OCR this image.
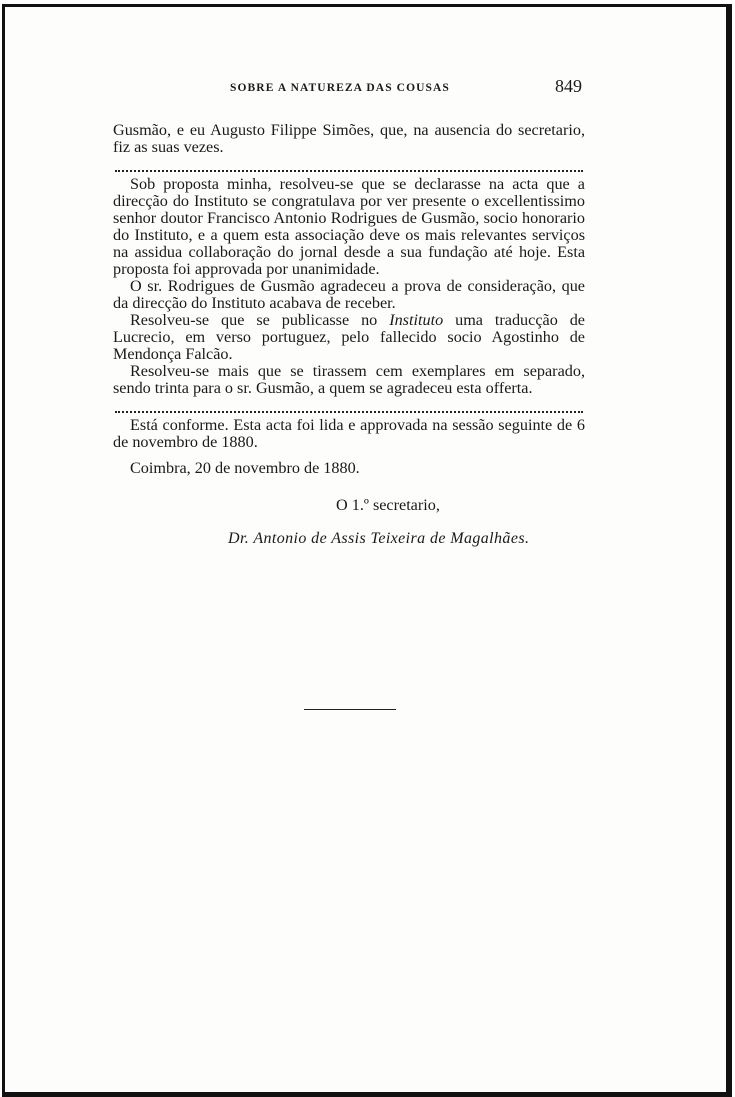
SOBRE A NATUREZA DAS COUSAS	849

Gusmão, e eu Augusto Filippe Simões, que, na ausencia do secretario, fiz as suas vezes.

Sob proposta minha, resolveu-se que se declarasse na acta que a direcção do Instituto se congratulava por ver presente o excellentissimo senhor doutor Francisco Antonio Rodrigues de Gusmão, socio honorario do Instituto, e a quem esta associação deve os mais relevantes serviços na assidua collaboração do jornal desde a sua fundação até hoje. Esta proposta foi approvada por unanimidade.

O sr. Rodrigues de Gusmão agradeceu a prova de consideração, que da direcção do Instituto acabava de receber.

Resolveu-se que se publicasse no Instituto uma traducção de Lucrecio, em verso portuguez, pelo fallecido socio Agostinho de Mendonça Falcão.

Resolveu-se mais que se tirassem cem exemplares em separado, sendo trinta para o sr. Gusmão, a quem se agradeceu esta offerta.

Está conforme. Esta acta foi lida e approvada na sessão seguinte de 6 de novembro de 1880.

Coimbra, 20 de novembro de 1880.
O 1.º secretario,
Dr. Antonio de Assis Teixeira de Magalhães.
